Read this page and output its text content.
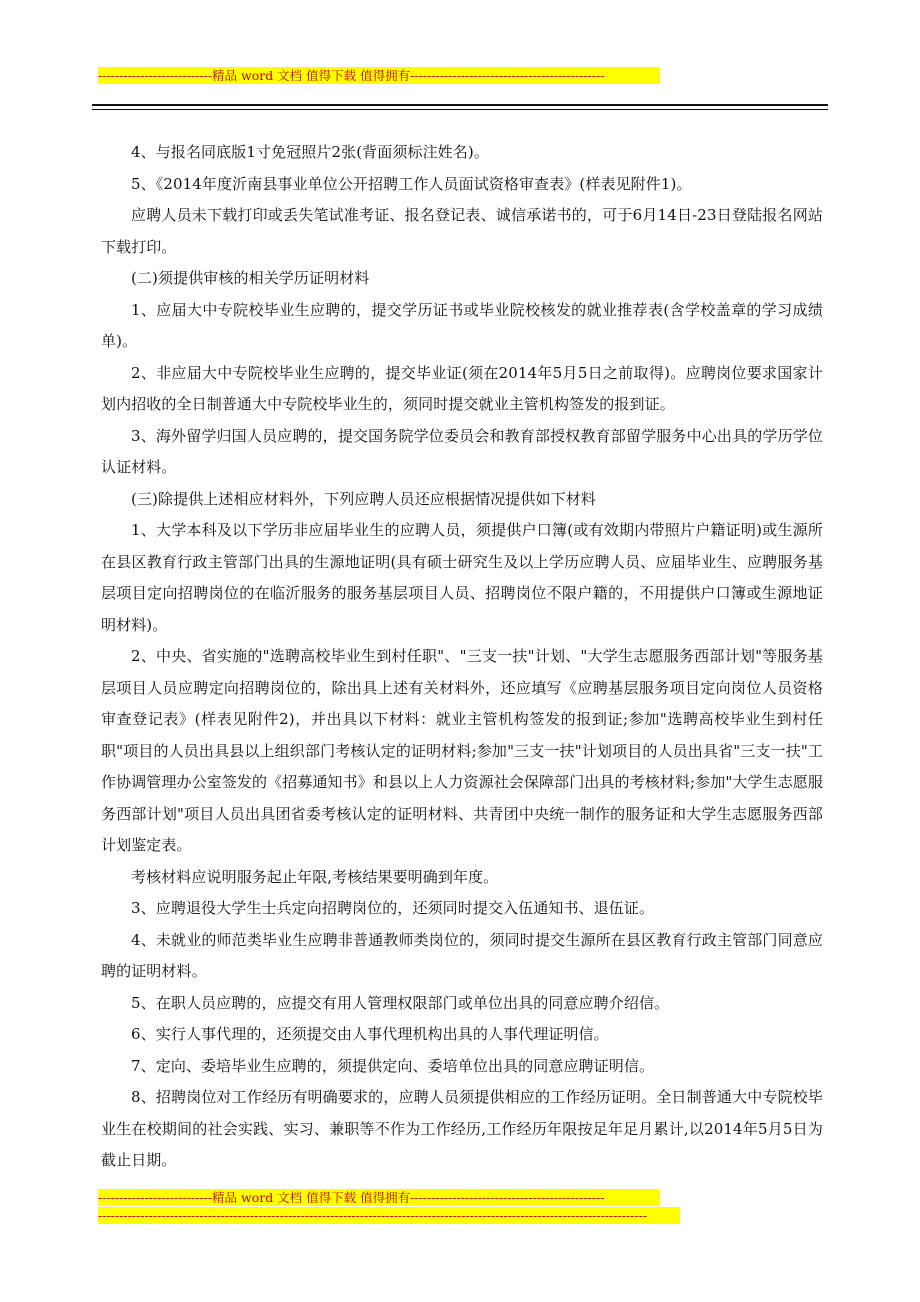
---------------------------精品 word 文档 值得下载 值得拥有----------------------------------------------

4、与报名同底版1寸免冠照片2张(背面须标注姓名)。

5、《2014年度沂南县事业单位公开招聘工作人员面试资格审查表》(样表见附件1)。

应聘人员未下载打印或丢失笔试准考证、报名登记表、诚信承诺书的，可于6月14日-23日登陆报名网站下载打印。

(二)须提供审核的相关学历证明材料

1、应届大中专院校毕业生应聘的，提交学历证书或毕业院校核发的就业推荐表(含学校盖章的学习成绩单)。

2、非应届大中专院校毕业生应聘的，提交毕业证(须在2014年5月5日之前取得)。应聘岗位要求国家计划内招收的全日制普通大中专院校毕业生的，须同时提交就业主管机构签发的报到证。

3、海外留学归国人员应聘的，提交国务院学位委员会和教育部授权教育部留学服务中心出具的学历学位认证材料。

(三)除提供上述相应材料外，下列应聘人员还应根据情况提供如下材料

1、大学本科及以下学历非应届毕业生的应聘人员，须提供户口簿(或有效期内带照片户籍证明)或生源所在县区教育行政主管部门出具的生源地证明(具有硕士研究生及以上学历应聘人员、应届毕业生、应聘服务基层项目定向招聘岗位的在临沂服务的服务基层项目人员、招聘岗位不限户籍的，不用提供户口簿或生源地证明材料)。

2、中央、省实施的"选聘高校毕业生到村任职"、"三支一扶"计划、"大学生志愿服务西部计划"等服务基层项目人员应聘定向招聘岗位的，除出具上述有关材料外，还应填写《应聘基层服务项目定向岗位人员资格审查登记表》(样表见附件2)，并出具以下材料：就业主管机构签发的报到证;参加"选聘高校毕业生到村任职"项目的人员出具县以上组织部门考核认定的证明材料;参加"三支一扶"计划项目的人员出具省"三支一扶"工作协调管理办公室签发的《招募通知书》和县以上人力资源社会保障部门出具的考核材料;参加"大学生志愿服务西部计划"项目人员出具团省委考核认定的证明材料、共青团中央统一制作的服务证和大学生志愿服务西部计划鉴定表。

考核材料应说明服务起止年限,考核结果要明确到年度。

3、应聘退役大学生士兵定向招聘岗位的，还须同时提交入伍通知书、退伍证。

4、未就业的师范类毕业生应聘非普通教师类岗位的，须同时提交生源所在县区教育行政主管部门同意应聘的证明材料。

5、在职人员应聘的，应提交有用人管理权限部门或单位出具的同意应聘介绍信。

6、实行人事代理的，还须提交由人事代理机构出具的人事代理证明信。

7、定向、委培毕业生应聘的，须提供定向、委培单位出具的同意应聘证明信。

8、招聘岗位对工作经历有明确要求的，应聘人员须提供相应的工作经历证明。全日制普通大中专院校毕业生在校期间的社会实践、实习、兼职等不作为工作经历,工作经历年限按足年足月累计,以2014年5月5日为截止日期。

---------------------------精品 word 文档 值得下载 值得拥有----------------------------------------------
----------------------------------------------------------------------------------------------------------------------------------
